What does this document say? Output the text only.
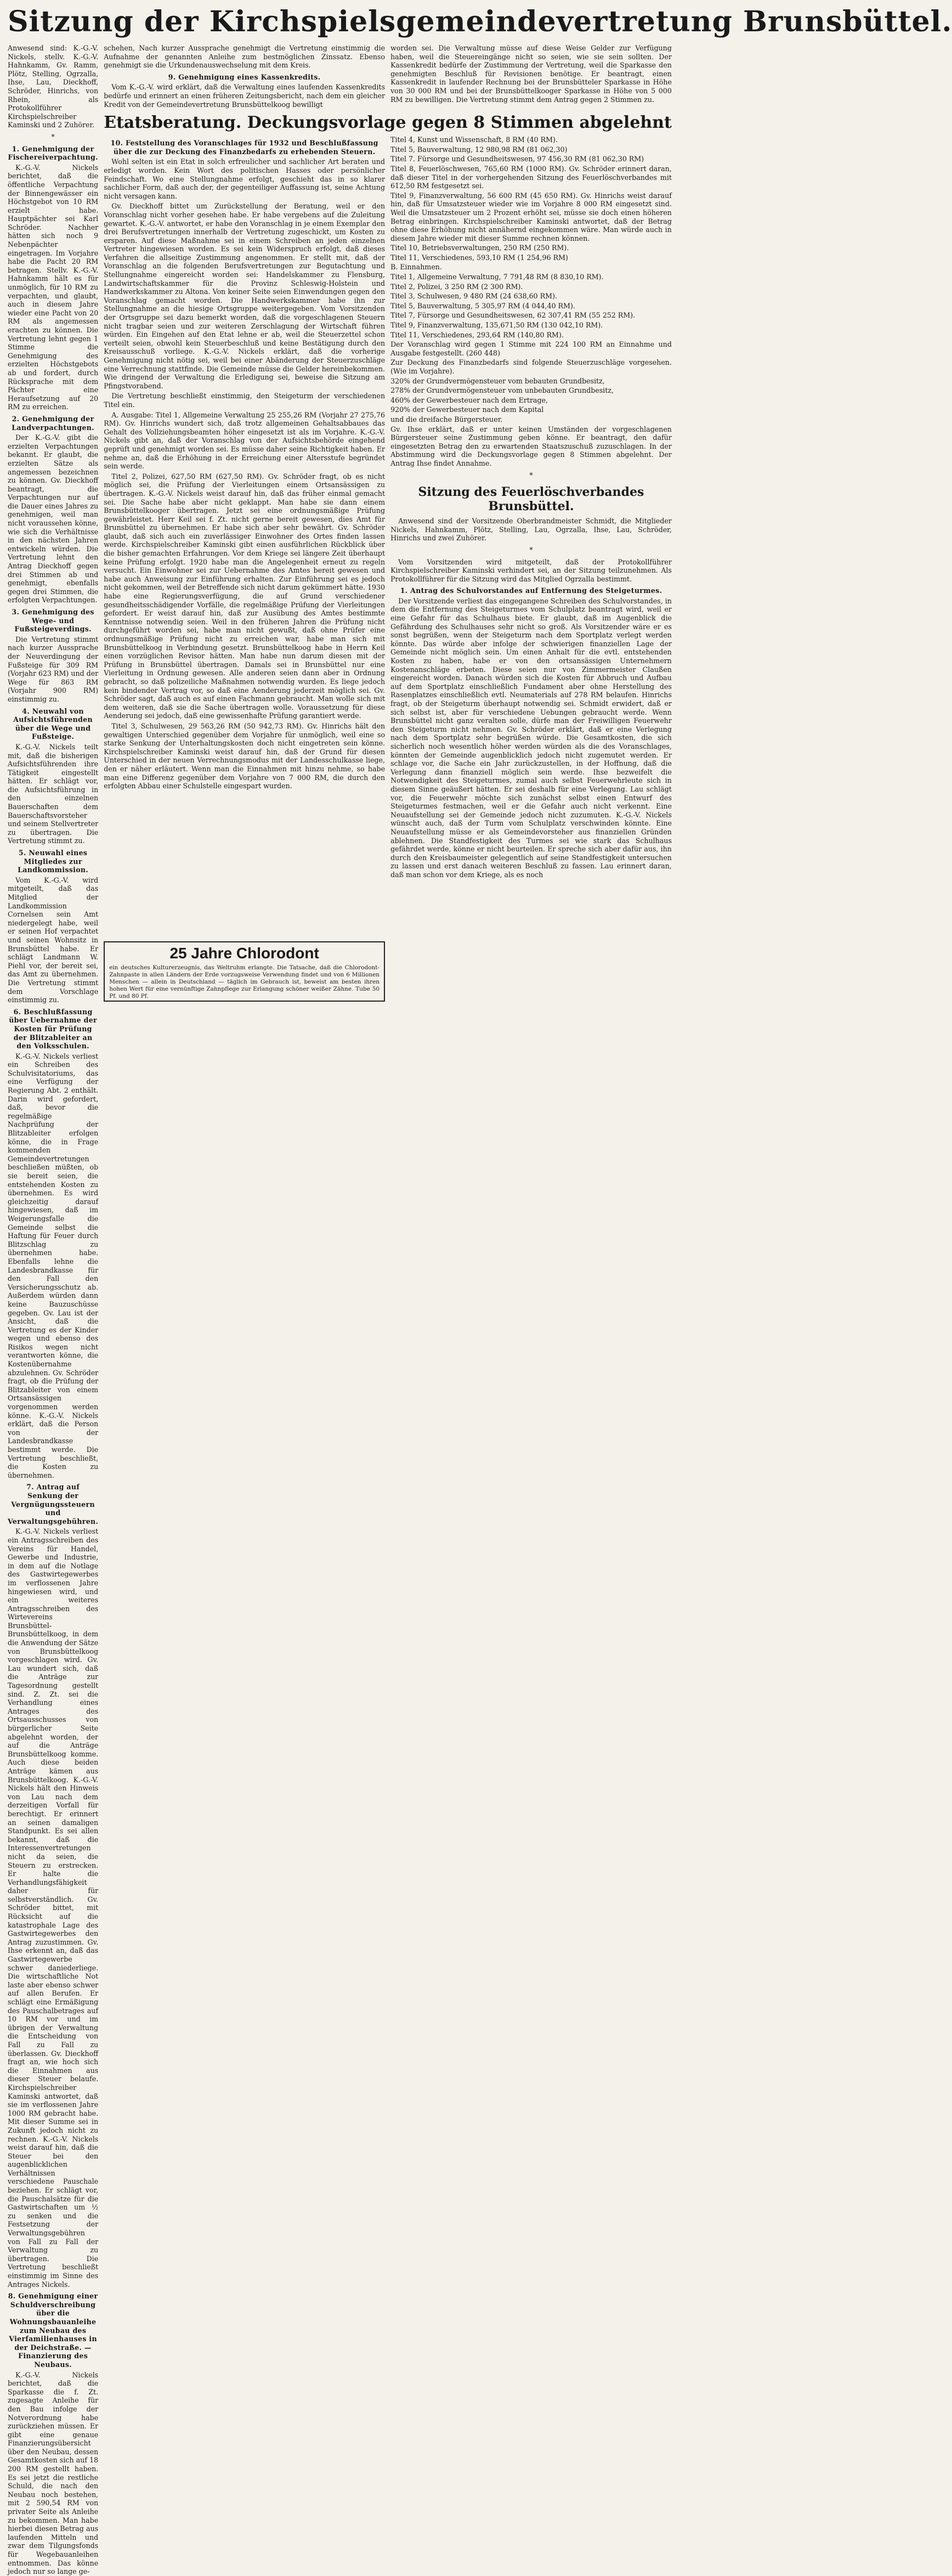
Sitzung der Kirchspielsgemeindevertretung Brunsbüttel.

Anwesend sind: K.-G.-V. Nickels, stellv. K.-G.-V. Hahnkamm, Gv. Ramm, Plötz, Stelling, Ogrzalla, Ihse, Lau, Dieckhoff, Schröder, Hinrichs, von Rhein, als Protokollführer Kirchspielschreiber Kaminski und 2 Zuhörer.

*
1. Genehmigung der Fischereiverpachtung.

K.-G.-V. Nickels berichtet, daß die öffentliche Verpachtung der Binnengewässer ein Höchstgebot von 10 RM erzielt habe. Hauptpächter sei Karl Schröder. Nachher hätten sich noch 9 Nebenpächter eingetragen. Im Vorjahre habe die Pacht 20 RM betragen. Stellv. K.-G.-V. Hahnkamm hält es für unmöglich, für 10 RM zu verpachten, und glaubt, auch in diesem Jahre wieder eine Pacht von 20 RM als angemessen erachten zu können. Die Vertretung lehnt gegen 1 Stimme die Genehmigung des erzielten Höchstgebots ab und fordert, durch Rücksprache mit dem Pächter eine Heraufsetzung auf 20 RM zu erreichen.

2. Genehmigung der Landverpachtungen.

Der K.-G.-V. gibt die erzielten Verpachtungen bekannt. Er glaubt, die erzielten Sätze als angemessen bezeichnen zu können. Gv. Dieckhoff beantragt, die Verpachtungen nur auf die Dauer eines Jahres zu genehmigen, weil man nicht voraussehen könne, wie sich die Verhältnisse in den nächsten Jahren entwickeln würden. Die Vertretung lehnt den Antrag Dieckhoff gegen drei Stimmen ab und genehmigt, ebenfalls gegen drei Stimmen, die erfolgten Verpachtungen.

3. Genehmigung des Wege- und Fußsteigeverdings.

Die Vertretung stimmt nach kurzer Aussprache der Neuverdingung der Fußsteige für 309 RM (Vorjahr 623 RM) und der Wege für 863 RM (Vorjahr 900 RM) einstimmig zu.

4. Neuwahl von Aufsichtsführenden über die Wege und Fußsteige.

K.-G.-V. Nickels teilt mit, daß die bisherigen Aufsichtsführenden ihre Tätigkeit eingestellt hätten. Er schlägt vor, die Aufsichtsführung in den einzelnen Bauerschaften dem Bauerschaftsvorsteher und seinem Stellvertreter zu übertragen. Die Vertretung stimmt zu.

5. Neuwahl eines Mitgliedes zur Landkommission.

Vom K.-G.-V. wird mitgeteilt, daß das Mitglied der Landkommission Cornelsen sein Amt niedergelegt habe, weil er seinen Hof verpachtet und seinen Wohnsitz in Brunsbüttel habe. Er schlägt Landmann W. Piehl vor, der bereit sei, das Amt zu übernehmen. Die Vertretung stimmt dem Vorschlage einstimmig zu.

6. Beschlußfassung über Uebernahme der Kosten für Prüfung der Blitzableiter an den Volksschulen.

K.-G.-V. Nickels verliest ein Schreiben des Schulvisitatoriums, das eine Verfügung der Regierung Abt. 2 enthält. Darin wird gefordert, daß, bevor die regelmäßige Nachprüfung der Blitzableiter erfolgen könne, die in Frage kommenden Gemeindevertretungen beschließen müßten, ob sie bereit seien, die entstehenden Kosten zu übernehmen. Es wird gleichzeitig darauf hingewiesen, daß im Weigerungsfalle die Gemeinde selbst die Haftung für Feuer durch Blitzschlag zu übernehmen habe. Ebenfalls lehne die Landesbrandkasse für den Fall den Versicherungsschutz ab. Außerdem würden dann keine Bauzuschüsse gegeben. Gv. Lau ist der Ansicht, daß die Vertretung es der Kinder wegen und ebenso des Risikos wegen nicht verantworten könne, die Kostenübernahme abzulehnen. Gv. Schröder fragt, ob die Prüfung der Blitzableiter von einem Ortsansässigen vorgenommen werden könne. K.-G.-V. Nickels erklärt, daß die Person von der Landesbrandkasse bestimmt werde. Die Vertretung beschließt, die Kosten zu übernehmen.

7. Antrag auf Senkung der Vergnügungssteuern und Verwaltungsgebühren.

K.-G.-V. Nickels verliest ein Antragsschreiben des Vereins für Handel, Gewerbe und Industrie, in dem auf die Notlage des Gastwirtegewerbes im verflossenen Jahre hingewiesen wird, und ein weiteres Antragsschreiben des Wirtevereins Brunsbüttel-Brunsbüttelkoog, in dem die Anwendung der Sätze von Brunsbüttelkoog vorgeschlagen wird. Gv. Lau wundert sich, daß die Anträge zur Tagesordnung gestellt sind. Z. Zt. sei die Verhandlung eines Antrages des Ortsausschusses von bürgerlicher Seite abgelehnt worden, der auf die Anträge Brunsbüttelkoog komme. Auch diese beiden Anträge kämen aus Brunsbüttelkoog. K.-G.-V. Nickels hält den Hinweis von Lau nach dem derzeitigen Vorfall für berechtigt. Er erinnert an seinen damaligen Standpunkt. Es sei allen bekannt, daß die Interessenvertretungen nicht da seien, die Steuern zu erstrecken. Er halte die Verhandlungsfähigkeit daher für selbstverständlich. Gv. Schröder bittet, mit Rücksicht auf die katastrophale Lage des Gastwirtegewerbes den Antrag zuzustimmen. Gv. Ihse erkennt an, daß das Gastwirtegewerbe schwer daniederliege. Die wirtschaftliche Not laste aber ebenso schwer auf allen Berufen. Er schlägt eine Ermäßigung des Pauschalbetrages auf 10 RM vor und im übrigen der Verwaltung die Entscheidung von Fall zu Fall zu überlassen. Gv. Dieckhoff fragt an, wie hoch sich die Einnahmen aus dieser Steuer belaufe. Kirchspielschreiber Kaminski antwortet, daß sie im verflossenen Jahre 1000 RM gebracht habe. Mit dieser Summe sei in Zukunft jedoch nicht zu rechnen. K.-G.-V. Nickels weist darauf hin, daß die Steuer bei den augenblicklichen Verhältnissen verschiedene Pauschale beziehen. Er schlägt vor, die Pauschalsätze für die Gastwirtschaften um ½ zu senken und die Festsetzung der Verwaltungsgebühren von Fall zu Fall der Verwaltung zu übertragen. Die Vertretung beschließt einstimmig im Sinne des Antrages Nickels.

8. Genehmigung einer Schuldverschreibung über die Wohnungsbauanleihe zum Neubau des Vierfamilienhauses in der Deichstraße. — Finanzierung des Neubaus.

K.-G.-V. Nickels berichtet, daß die Sparkasse die f. Zt. zugesagte Anleihe für den Bau infolge der Notverordnung habe zurückziehen müssen. Er gibt eine genaue Finanzierungsübersicht über den Neubau, dessen Gesamtkosten sich auf 18 200 RM gestellt haben. Es sei jetzt die restliche Schuld, die nach den Neubau noch bestehen, mit 2 590,54 RM von privater Seite als Anleihe zu bekommen. Man habe hierbei diesen Betrag aus laufenden Mitteln und zwar dem Tilgungsfonds für Wegebauanleihen entnommen. Das könne jedoch nur so lange ge-

schehen, Nach kurzer Aussprache genehmigt die Vertretung einstimmig die Aufnahme der genannten Anleihe zum bestmöglichen Zinssatz. Ebenso genehmigt sie die Urkundenauswechselung mit dem Kreis.

9. Genehmigung eines Kassenkredits.

Vom K.-G.-V. wird erklärt, daß die Verwaltung eines laufenden Kassenkredits bedürfe und erinnert an einen früheren Zeitungsbericht, nach dem ein gleicher Kredit von der Gemeindevertretung Brunsbüttelkoog bewilligt

worden sei. Die Verwaltung müsse auf diese Weise Gelder zur Verfügung haben, weil die Steuereingänge nicht so seien, wie sie sein sollten. Der Kassenkredit bedürfe der Zustimmung der Vertretung, weil die Sparkasse den genehmigten Beschluß für Revisionen benötige. Er beantragt, einen Kassenkredit in laufender Rechnung bei der Brunsbütteler Sparkasse in Höhe von 30 000 RM und bei der Brunsbüttelkooger Sparkasse in Höhe von 5 000 RM zu bewilligen. Die Vertretung stimmt dem Antrag gegen 2 Stimmen zu.

Etatsberatung. Deckungsvorlage gegen 8 Stimmen abgelehnt
10. Feststellung des Voranschlages für 1932 und Beschlußfassung über die zur Deckung des Finanzbedarfs zu erhebenden Steuern.

Wohl selten ist ein Etat in solch erfreulicher und sachlicher Art beraten und erledigt worden. Kein Wort des politischen Hasses oder persönlicher Feindschaft. Wo eine Stellungnahme erfolgt, geschieht das in so klarer sachlicher Form, daß auch der, der gegenteiliger Auffassung ist, seine Achtung nicht versagen kann.

Gv. Dieckhoff bittet um Zurückstellung der Beratung, weil er den Voranschlag nicht vorher gesehen habe. Er habe vergebens auf die Zuleitung gewartet. K.-G.-V. antwortet, er habe den Voranschlag in je einem Exemplar den drei Berufsvertretungen innerhalb der Vertretung zugeschickt, um Kosten zu ersparen. Auf diese Maßnahme sei in einem Schreiben an jeden einzelnen Vertreter hingewiesen worden. Es sei kein Widerspruch erfolgt, daß dieses Verfahren die allseitige Zustimmung angenommen. Er stellt mit, daß der Voranschlag an die folgenden Berufsvertretungen zur Begutachtung und Stellungnahme eingereicht worden sei: Handelskammer zu Flensburg, Landwirtschaftskammer für die Provinz Schleswig-Holstein und Handwerkskammer zu Altona. Von keiner Seite seien Einwendungen gegen den Voranschlag gemacht worden. Die Handwerkskammer habe ihn zur Stellungnahme an die hiesige Ortsgruppe weitergegeben. Vom Vorsitzenden der Ortsgruppe sei dazu bemerkt worden, daß die vorgeschlagenen Steuern nicht tragbar seien und zur weiteren Zerschlagung der Wirtschaft führen würden. Ein Eingehen auf den Etat lehne er ab, weil die Steuerzettel schon verteilt seien, obwohl kein Steuerbeschluß und keine Bestätigung durch den Kreisausschuß vorliege. K.-G.-V. Nickels erklärt, daß die vorherige Genehmigung nicht nötig sei, weil bei einer Abänderung der Steuerzuschläge eine Verrechnung stattfinde. Die Gemeinde müsse die Gelder hereinbekommen. Wie dringend der Verwaltung die Erledigung sei, beweise die Sitzung am Pfingstvorabend.

Die Vertretung beschließt einstimmig, den Steigeturm der verschiedenen Titel ein.

A. Ausgabe: Titel 1, Allgemeine Verwaltung 25 255,26 RM (Vorjahr 27 275,76 RM). Gv. Hinrichs wundert sich, daß trotz allgemeinen Gehaltsabbaues das Gehalt des Vollziehungsbeamten höher eingesetzt ist als im Vorjahre. K.-G.-V. Nickels gibt an, daß der Voranschlag von der Aufsichtsbehörde eingehend geprüft und genehmigt worden sei. Es müsse daher seine Richtigkeit haben. Er nehme an, daß die Erhöhung in der Erreichung einer Altersstufe begründet sein werde.

Titel 2, Polizei, 627,50 RM (627,50 RM). Gv. Schröder fragt, ob es nicht möglich sei, die Prüfung der Vierleitungen einem Ortsansässigen zu übertragen. K.-G.-V. Nickels weist darauf hin, daß das früher einmal gemacht sei. Die Sache habe aber nicht geklappt. Man habe sie dann einem Brunsbüttelkooger übertragen. Jetzt sei eine ordnungsmäßige Prüfung gewährleistet. Herr Keil sei f. Zt. nicht gerne bereit gewesen, dies Amt für Brunsbüttel zu übernehmen. Er habe sich aber sehr bewährt. Gv. Schröder glaubt, daß sich auch ein zuverlässiger Einwohner des Ortes finden lassen werde. Kirchspielschreiber Kaminski gibt einen ausführlichen Rückblick über die bisher gemachten Erfahrungen. Vor dem Kriege sei längere Zeit überhaupt keine Prüfung erfolgt. 1920 habe man die Angelegenheit erneut zu regeln versucht. Ein Einwohner sei zur Uebernahme des Amtes bereit gewesen und habe auch Anweisung zur Einführung erhalten. Zur Einführung sei es jedoch nicht gekommen, weil der Betreffende sich nicht darum gekümmert hätte. 1930 habe eine Regierungsverfügung, die auf Grund verschiedener gesundheitsschädigender Vorfälle, die regelmäßige Prüfung der Vierleitungen gefordert. Er weist darauf hin, daß zur Ausübung des Amtes bestimmte Kenntnisse notwendig seien. Weil in den früheren Jahren die Prüfung nicht durchgeführt worden sei, habe man nicht gewußt, daß ohne Prüfer eine ordnungsmäßige Prüfung nicht zu erreichen war, habe man sich mit Brunsbüttelkoog in Verbindung gesetzt. Brunsbüttelkoog habe in Herrn Keil einen vorzüglichen Revisor hätten. Man habe nun darum diesen mit der Prüfung in Brunsbüttel übertragen. Damals sei in Brunsbüttel nur eine Vierleitung in Ordnung gewesen. Alle anderen seien dann aber in Ordnung gebracht, so daß polizeiliche Maßnahmen notwendig wurden. Es liege jedoch kein bindender Vertrag vor, so daß eine Aenderung jederzeit möglich sei. Gv. Schröder sagt, daß auch es auf einen Fachmann gebraucht. Man wolle sich mit dem weiteren, daß sie die Sache übertragen wolle. Voraussetzung für diese Aenderung sei jedoch, daß eine gewissenhafte Prüfung garantiert werde.

Titel 3, Schulwesen, 29 563,26 RM (50 942,73 RM). Gv. Hinrichs hält den gewaltigen Unterschied gegenüber dem Vorjahre für unmöglich, weil eine so starke Senkung der Unterhaltungskosten doch nicht eingetreten sein könne. Kirchspielschreiber Kaminski weist darauf hin, daß der Grund für diesen Unterschied in der neuen Verrechnungsmodus mit der Landesschulkasse liege, den er näher erläutert. Wenn man die Einnahmen mit hinzu nehme, so habe man eine Differenz gegenüber dem Vorjahre von 7 000 RM, die durch den erfolgten Abbau einer Schulstelle eingespart wurden.

25 Jahre Chlorodont
ein deutsches Kulturerzeugnis, das Weltruhm erlangte. Die Tatsache, daß die Chlorodont-Zahnpaste in allen Ländern der Erde vorzugsweise Verwendung findet und von 6 Millionen Menschen — allein in Deutschland — täglich im Gebrauch ist, beweist am besten ihren hohen Wert für eine vernünftige Zahnpflege zur Erlangung schöner weißer Zähne. Tube 50 Pf. und 80 Pf.

Titel 4, Kunst und Wissenschaft, 8 RM (40 RM).

Titel 5, Bauverwaltung, 12 980,98 RM (81 062,30)

Titel 7. Fürsorge und Gesundheitswesen, 97 456,30 RM (81 062,30 RM)

Titel 8, Feuerlöschwesen, 765,60 RM (1000 RM). Gv. Schröder erinnert daran, daß dieser Titel in der vorhergehenden Sitzung des Feuerlöschverbandes mit 612,50 RM festgesetzt sei.

Titel 9, Finanzverwaltung, 56 600 RM (45 650 RM). Gv. Hinrichs weist darauf hin, daß für Umsatzsteuer wieder wie im Vorjahre 8 000 RM eingesetzt sind. Weil die Umsatzsteuer um 2 Prozent erhöht sei, müsse sie doch einen höheren Betrag einbringen. Kirchspielschreiber Kaminski antwortet, daß der Betrag ohne diese Erhöhung nicht annähernd eingekommen wäre. Man würde auch in diesem Jahre wieder mit dieser Summe rechnen können.

Titel 10, Betriebsverwaltungen, 250 RM (250 RM).

Titel 11, Verschiedenes, 593,10 RM (1 254,96 RM)

B. Einnahmen.

Titel 1, Allgemeine Verwaltung, 7 791,48 RM (8 830,10 RM).

Titel 2, Polizei, 3 250 RM (2 300 RM).

Titel 3, Schulwesen, 9 480 RM (24 638,60 RM).

Titel 5, Bauverwaltung, 5 305,97 RM (4 044,40 RM).

Titel 7, Fürsorge und Gesundheitswesen, 62 307,41 RM (55 252 RM).

Titel 9, Finanzverwaltung, 135,671,50 RM (130 042,10 RM).

Titel 11, Verschiedenes, 293,64 RM (140,80 RM).

Der Voranschlag wird gegen 1 Stimme mit 224 100 RM an Einnahme und Ausgabe festgestellt. (260 448)

Zur Deckung des Finanzbedarfs sind folgende Steuerzuschläge vorgesehen. (Wie im Vorjahre).

320% der Grundvermögensteuer vom bebauten Grundbesitz,

278% der Grundvermögensteuer vom unbebauten Grundbesitz,

460% der Gewerbesteuer nach dem Ertrage,

920% der Gewerbesteuer nach dem Kapital

und die dreifache Bürgersteuer.

Gv. Ihse erklärt, daß er unter keinen Umständen der vorgeschlagenen Bürgersteuer seine Zustimmung geben könne. Er beantragt, den dafür eingesetzten Betrag den zu erwartenden Staatszuschuß zuzuschlagen. In der Abstimmung wird die Deckungsvorlage gegen 8 Stimmen abgelehnt. Der Antrag Ihse findet Annahme.

*
Sitzung des Feuerlöschverbandes Brunsbüttel.

Anwesend sind der Vorsitzende Oberbrandmeister Schmidt, die Mitglieder Nickels, Hahnkamm, Plötz, Stelling, Lau, Ogrzalla, Ihse, Lau, Schröder, Hinrichs und zwei Zuhörer.

*

Vom Vorsitzenden wird mitgeteilt, daß der Protokollführer Kirchspielschreiber Kaminski verhindert sei, an der Sitzung teilzunehmen. Als Protokollführer für die Sitzung wird das Mitglied Ogrzalla bestimmt.

1. Antrag des Schulvorstandes auf Entfernung des Steigeturmes.

Der Vorsitzende verliest das eingegangene Schreiben des Schulvorstandes, in dem die Entfernung des Steigeturmes vom Schulplatz beantragt wird, weil er eine Gefahr für das Schulhaus biete. Er glaubt, daß im Augenblick die Gefährdung des Schulhauses sehr nicht so groß. Als Vorsitzender wäre er es sonst begrüßen, wenn der Steigeturm nach dem Sportplatz verlegt werden könnte. Das würde aber infolge der schwierigen finanziellen Lage der Gemeinde nicht möglich sein. Um einen Anhalt für die evtl. entstehenden Kosten zu haben, habe er von den ortsansässigen Unternehmern Kostenanschläge erbeten. Diese seien nur von Zimmermeister Claußen eingereicht worden. Danach würden sich die Kosten für Abbruch und Aufbau auf dem Sportplatz einschließlich Fundament aber ohne Herstellung des Rasenplatzes einschließlich evtl. Neumaterials auf 278 RM belaufen. Hinrichs fragt, ob der Steigeturm überhaupt notwendig sei. Schmidt erwidert, daß er sich selbst ist, aber für verschiedene Uebungen gebraucht werde. Wenn Brunsbüttel nicht ganz veralten solle, dürfe man der Freiwilligen Feuerwehr den Steigeturm nicht nehmen. Gv. Schröder erklärt, daß er eine Verlegung nach dem Sportplatz sehr begrüßen würde. Die Gesamtkosten, die sich sicherlich noch wesentlich höher werden würden als die des Voranschlages, könnten der Gemeinde augenblicklich jedoch nicht zugemutet werden. Er schlage vor, die Sache ein Jahr zurückzustellen, in der Hoffnung, daß die Verlegung dann finanziell möglich sein werde. Ihse bezweifelt die Notwendigkeit des Steigeturmes, zumal auch selbst Feuerwehrleute sich in diesem Sinne geäußert hätten. Er sei deshalb für eine Verlegung. Lau schlägt vor, die Feuerwehr möchte sich zunächst selbst einen Entwurf des Steigeturmes festmachen, weil er die Gefahr auch nicht verkennt. Eine Neuaufstellung sei der Gemeinde jedoch nicht zuzumuten. K.-G.-V. Nickels wünscht auch, daß der Turm vom Schulplatz verschwinden könnte. Eine Neuaufstellung müsse er als Gemeindevorsteher aus finanziellen Gründen ablehnen. Die Standfestigkeit des Turmes sei wie stark das Schulhaus gefährdet werde, könne er nicht beurteilen. Er spreche sich aber dafür aus, ihn durch den Kreisbaumeister gelegentlich auf seine Standfestigkeit untersuchen zu lassen und erst danach weiteren Beschluß zu fassen. Lau erinnert daran, daß man schon vor dem Kriege, als es noch
